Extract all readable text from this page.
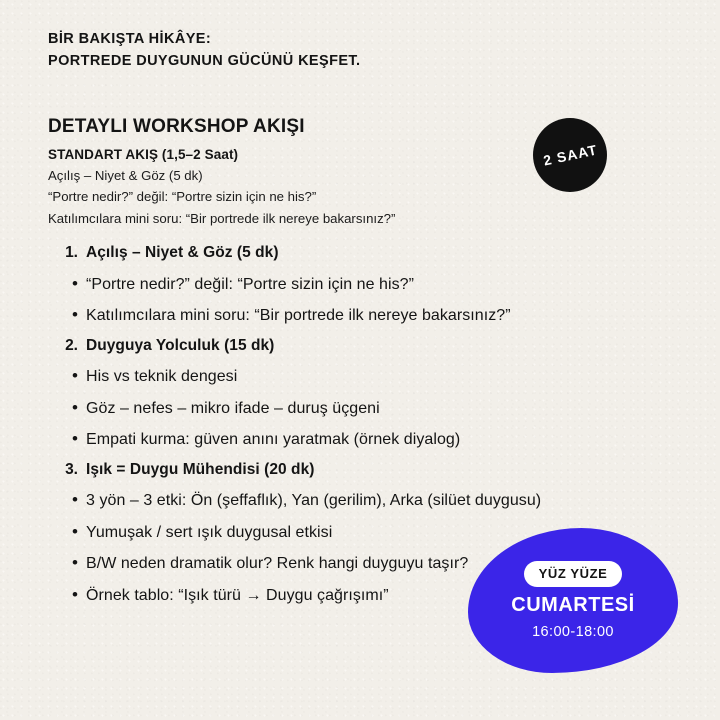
BİR BAKIŞTA HİKÂYE:
PORTREDE DUYGUNUN GÜCÜNÜ KEŞFET.
DETAYLI WORKSHOP AKIŞI
STANDART AKIŞ (1,5–2 Saat)
Açılış – Niyet & Göz (5 dk)
“Portre nedir?” değil: “Portre sizin için ne his?”
Katılımcılara mini soru: “Bir portrede ilk nereye bakarsınız?”
2 SAAT
1. Açılış – Niyet & Göz (5 dk)
• “Portre nedir?” değil: “Portre sizin için ne his?”
• Katılımcılara mini soru: “Bir portrede ilk nereye bakarsınız?”
2. Duyguya Yolculuk (15 dk)
• His vs teknik dengesi
• Göz – nefes – mikro ifade – duruş üçgeni
• Empati kurma: güven anını yaratmak (örnek diyalog)
3. Işık = Duygu Mühendisi (20 dk)
• 3 yön – 3 etki: Ön (şeffaflık), Yan (gerilim), Arka (silüet duygusu)
• Yumuşak / sert ışık duygusal etkisi
• B/W neden dramatik olur? Renk hangi duyguyu taşır?
• Örnek tablo: “Işık türü → Duygu çağrışımı”
YÜZ YÜZE
CUMARTESİ
16:00-18:00
